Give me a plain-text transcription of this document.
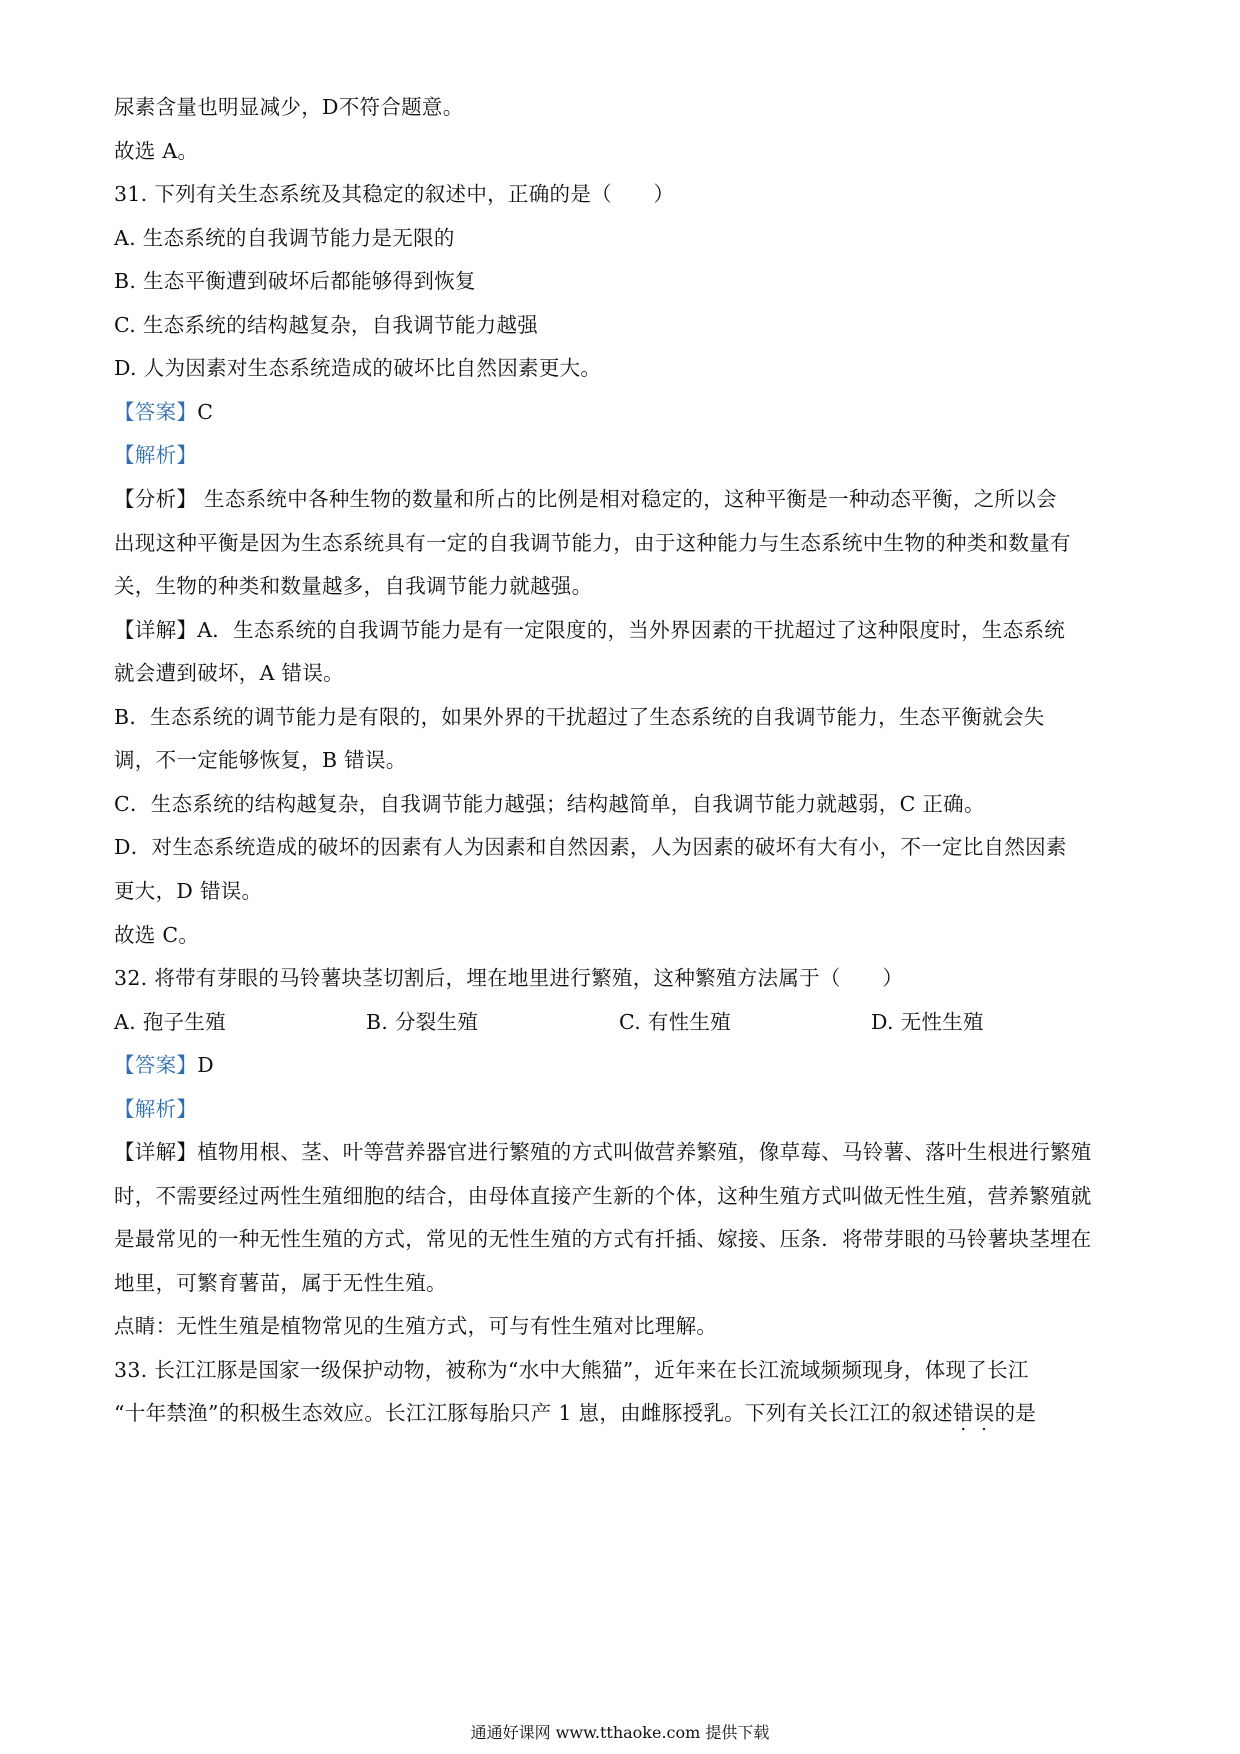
尿素含量也明显减少，D不符合题意。
故选 A。
31. 下列有关生态系统及其稳定的叙述中，正确的是（　　）
A. 生态系统的自我调节能力是无限的
B. 生态平衡遭到破坏后都能够得到恢复
C. 生态系统的结构越复杂，自我调节能力越强
D. 人为因素对生态系统造成的破坏比自然因素更大。
【答案】C
【解析】
【分析】 生态系统中各种生物的数量和所占的比例是相对稳定的，这种平衡是一种动态平衡，之所以会
出现这种平衡是因为生态系统具有一定的自我调节能力，由于这种能力与生态系统中生物的种类和数量有
关，生物的种类和数量越多，自我调节能力就越强。
【详解】A．生态系统的自我调节能力是有一定限度的，当外界因素的干扰超过了这种限度时，生态系统
就会遭到破坏，A 错误。
B．生态系统的调节能力是有限的，如果外界的干扰超过了生态系统的自我调节能力，生态平衡就会失
调，不一定能够恢复，B 错误。
C．生态系统的结构越复杂，自我调节能力越强；结构越简单，自我调节能力就越弱，C 正确。
D．对生态系统造成的破坏的因素有人为因素和自然因素，人为因素的破坏有大有小，不一定比自然因素
更大，D 错误。
故选 C。
32. 将带有芽眼的马铃薯块茎切割后，埋在地里进行繁殖，这种繁殖方法属于（　　）
A. 孢子生殖	B. 分裂生殖	C. 有性生殖	D. 无性生殖
【答案】D
【解析】
【详解】植物用根、茎、叶等营养器官进行繁殖的方式叫做营养繁殖，像草莓、马铃薯、落叶生根进行繁殖
时，不需要经过两性生殖细胞的结合，由母体直接产生新的个体，这种生殖方式叫做无性生殖，营养繁殖就
是最常见的一种无性生殖的方式，常见的无性生殖的方式有扦插、嫁接、压条．将带芽眼的马铃薯块茎埋在
地里，可繁育薯苗，属于无性生殖。
点睛：无性生殖是植物常见的生殖方式，可与有性生殖对比理解。
33. 长江江豚是国家一级保护动物，被称为“水中大熊猫”，近年来在长江流域频频现身，体现了长江
“十年禁渔”的积极生态效应。长江江豚每胎只产 1 崽，由雌豚授乳。下列有关长江江的叙述错误的是
通通好课网 www.tthaoke.com 提供下载
